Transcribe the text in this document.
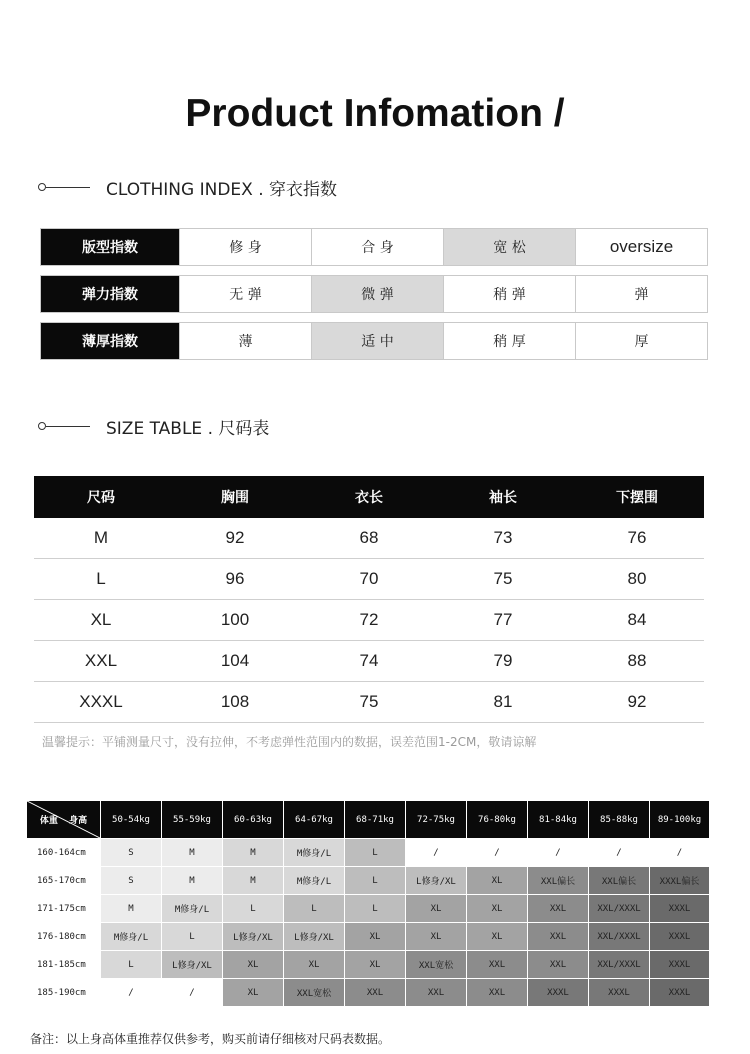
Product Infomation /
CLOTHING INDEX . 穿衣指数
版型指数	修 身	合 身	宽 松	oversize
弹力指数	无 弹	微 弹	稍 弹	弹
薄厚指数	薄	适 中	稍 厚	厚
SIZE TABLE . 尺码表
尺码	胸围	衣长	袖长	下摆围
M	92	68	73	76
L	96	70	75	80
XL	100	72	77	84
XXL	104	74	79	88
XXXL	108	75	81	92
温馨提示：平铺测量尺寸，没有拉伸，不考虑弹性范围内的数据，误差范围1-2CM，敬请谅解
体重 身高	50-54kg	55-59kg	60-63kg	64-67kg	68-71kg	72-75kg	76-80kg	81-84kg	85-88kg	89-100kg
160-164cm	S	M	M	M修身/L	L	/	/	/	/	/
165-170cm	S	M	M	M修身/L	L	L修身/XL	XL	XXL偏长	XXL偏长	XXXL偏长
171-175cm	M	M修身/L	L	L	L	XL	XL	XXL	XXL/XXXL	XXXL
176-180cm	M修身/L	L	L修身/XL	L修身/XL	XL	XL	XL	XXL	XXL/XXXL	XXXL
181-185cm	L	L修身/XL	XL	XL	XL	XXL宽松	XXL	XXL	XXL/XXXL	XXXL
185-190cm	/	/	XL	XXL宽松	XXL	XXL	XXL	XXXL	XXXL	XXXL
备注：以上身高体重推荐仅供参考，购买前请仔细核对尺码表数据。
